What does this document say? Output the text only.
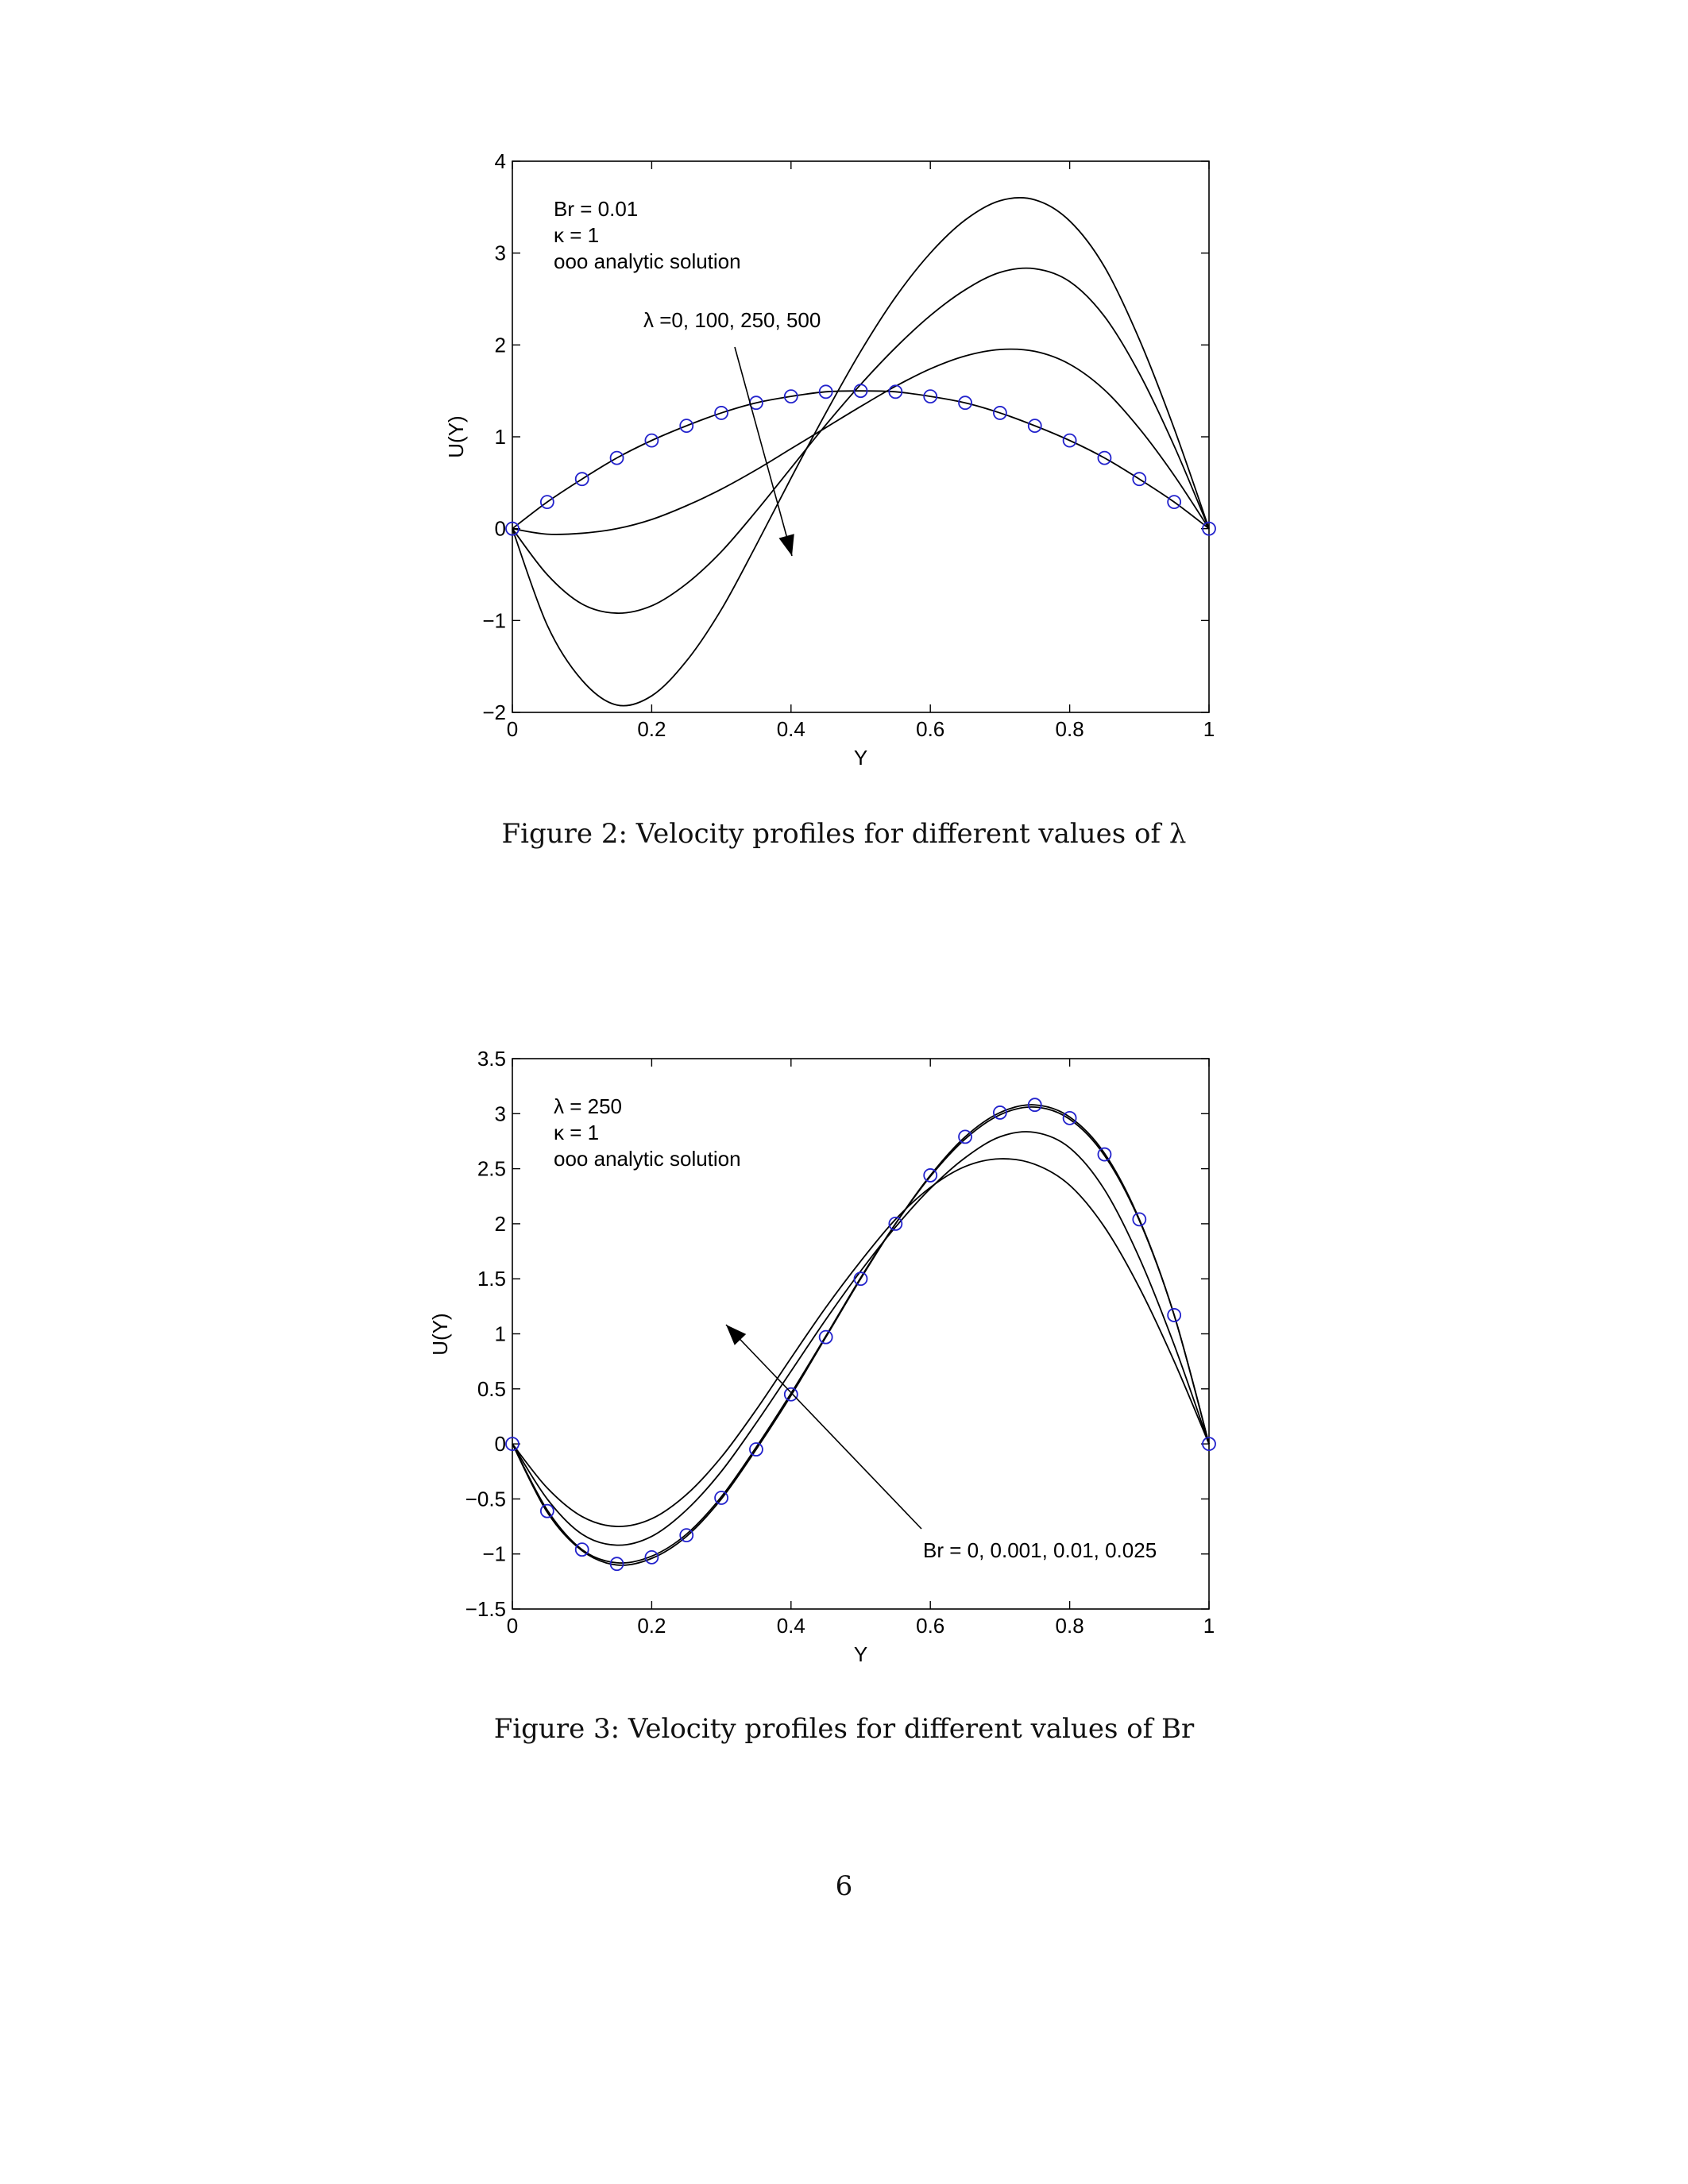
0	0.2	0.4	0.6	0.8	1
−2
−1
0
1
2
3
4
Y
U(Y)
Br = 0.01
κ = 1
ooo analytic solution
λ =0, 100, 250, 500
0	0.2	0.4	0.6	0.8	1
−1.5
−1
−0.5
0
0.5
1
1.5
2
2.5
3
3.5
Y
U(Y)
λ = 250
κ = 1
ooo analytic solution
Br = 0, 0.001, 0.01, 0.025
Figure 2: Velocity profiles for different values of λ
Figure 3: Velocity profiles for different values of Br
6
